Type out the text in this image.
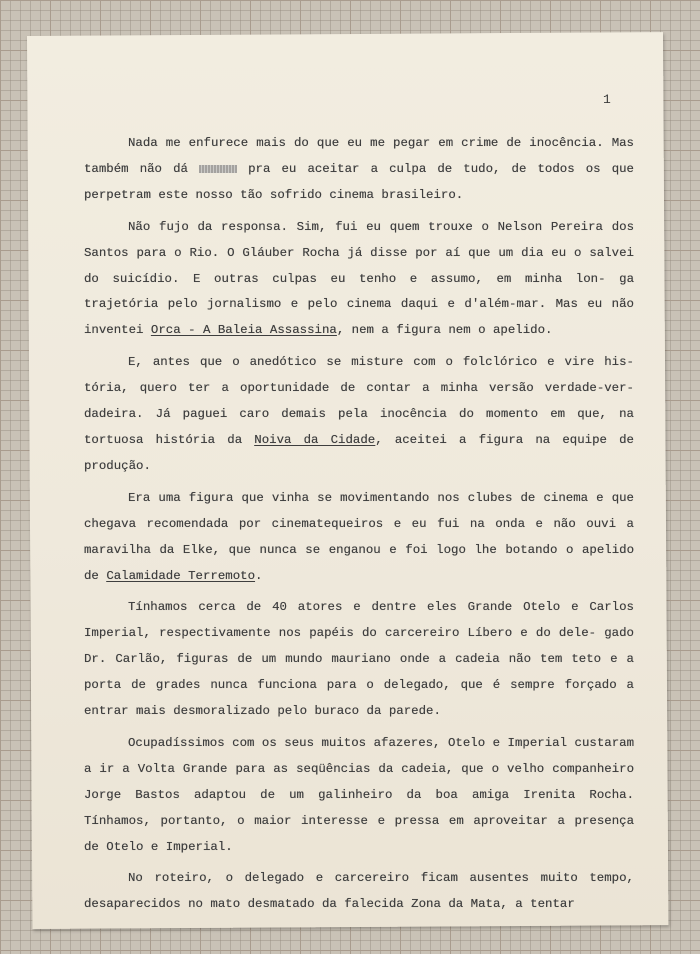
1

Nada me enfurece mais do que eu me pegar em crime de inocência. Mas também não dá	pra eu aceitar a culpa de tudo, de todos os que perpetram este nosso tão sofrido cinema brasileiro.

Não fujo da responsa. Sim, fui eu quem trouxe o Nelson Pereira dos Santos para o Rio. O Gláuber Rocha já disse por aí que um dia eu o salvei do suicídio. E outras culpas eu tenho e assumo, em minha lon- ga trajetória pelo jornalismo e pelo cinema daqui e d'além-mar. Mas eu não inventei Orca - A Baleia Assassina, nem a figura nem o apelido.

E, antes que o anedótico se misture com o folclórico e vire his- tória, quero ter a oportunidade de contar a minha versão verdade-ver- dadeira. Já paguei caro demais pela inocência do momento em que, na tortuosa história da Noiva da Cidade, aceitei a figura na equipe de produção.

Era uma figura que vinha se movimentando nos clubes de cinema e que chegava recomendada por cinematequeiros e eu fui na onda e não ouvi a maravilha da Elke, que nunca se enganou e foi logo lhe botando o apelido de Calamidade Terremoto.

Tínhamos cerca de 40 atores e dentre eles Grande Otelo e Carlos Imperial, respectivamente nos papéis do carcereiro Líbero e do dele- gado Dr. Carlão, figuras de um mundo mauriano onde a cadeia não tem teto e a porta de grades nunca funciona para o delegado, que é sempre forçado a entrar mais desmoralizado pelo buraco da parede.

Ocupadíssimos com os seus muitos afazeres, Otelo e Imperial custaram a ir a Volta Grande para as seqüências da cadeia, que o velho companheiro Jorge Bastos adaptou de um galinheiro da boa amiga Irenita Rocha. Tínhamos, portanto, o maior interesse e pressa em aproveitar a presença de Otelo e Imperial.

No roteiro, o delegado e carcereiro ficam ausentes muito tempo, desaparecidos no mato desmatado da falecida Zona da Mata, a tentar
